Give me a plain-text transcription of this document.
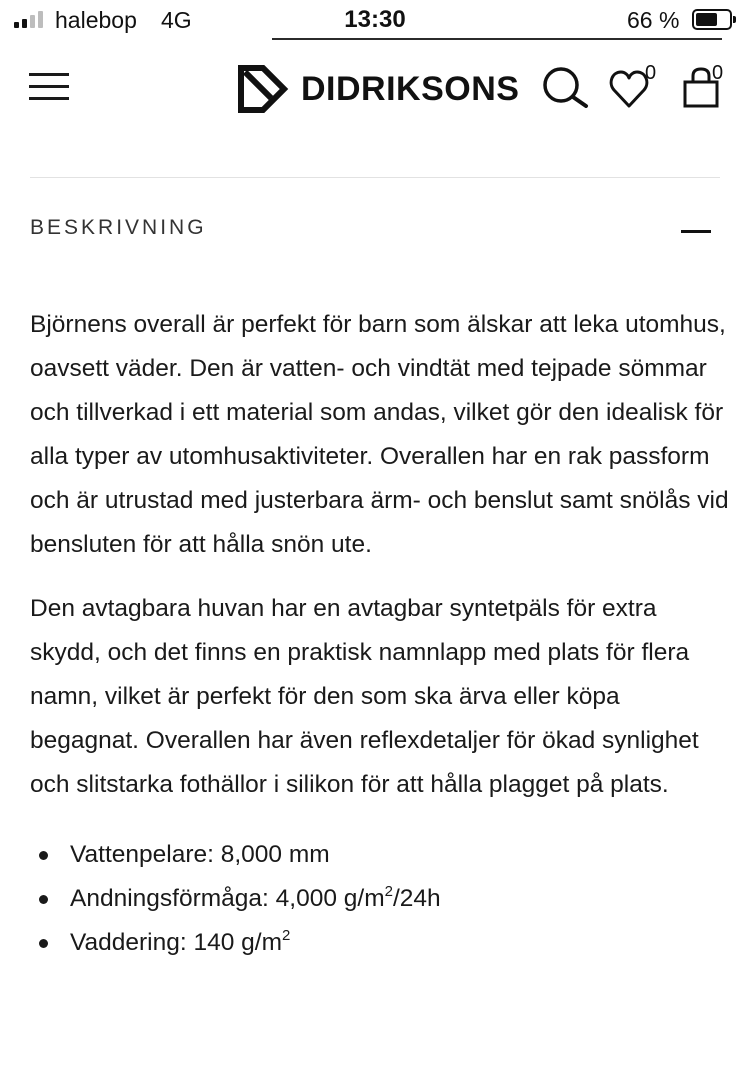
halebop 4G	13:30	66 %
DIDRIKSONS	0	0
BESKRIVNING

Björnens overall är perfekt för barn som älskar att leka utomhus, oavsett väder. Den är vatten- och vindtät med tejpade sömmar och tillverkad i ett material som andas, vilket gör den idealisk för alla typer av utomhusaktiviteter. Overallen har en rak passform och är utrustad med justerbara ärm- och benslut samt snölås vid bensluten för att hålla snön ute.

Den avtagbara huvan har en avtagbar syntetpäls för extra skydd, och det finns en praktisk namnlapp med plats för flera namn, vilket är perfekt för den som ska ärva eller köpa begagnat. Overallen har även reflexdetaljer för ökad synlighet och slitstarka fothällor i silikon för att hålla plagget på plats.

Vattenpelare: 8,000 mm
Andningsförmåga: 4,000 $g/m^2/24h$
Vaddering: 140 $g/m^2$
